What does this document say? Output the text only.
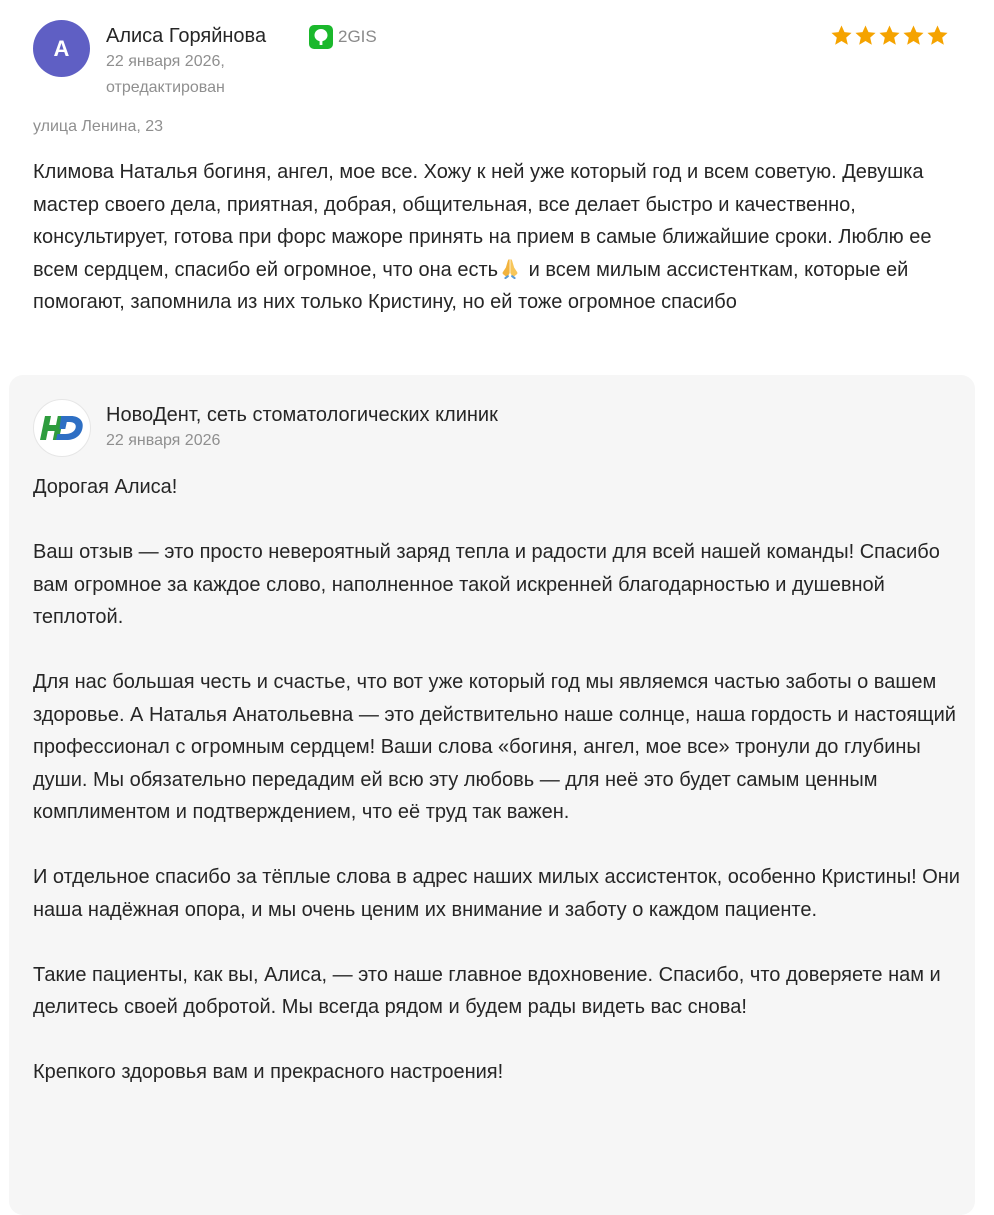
А Алиса Горяйнова	2GIS
22 января 2026,
отредактирован
улица Ленина, 23
Климова Наталья богиня, ангел, мое все. Хожу к ней уже который год и всем советую. Девушка мастер своего дела, приятная, добрая, общительная, все делает быстро и качественно, консультирует, готова при форс мажоре принять на прием в самые ближайшие сроки. Люблю ее всем сердцем, спасибо ей огромное, что она есть и всем милым ассистенткам, которые ей помогают, запомнила из них только Кристину, но ей тоже огромное спасибо
НовоДент, сеть стоматологических клиник
22 января 2026

Дорогая Алиса!

Ваш отзыв — это просто невероятный заряд тепла и радости для всей нашей команды! Спасибо вам огромное за каждое слово, наполненное такой искренней благодарностью и душевной теплотой.

Для нас большая честь и счастье, что вот уже который год мы являемся частью заботы о вашем здоровье. А Наталья Анатольевна — это действительно наше солнце, наша гордость и настоящий профессионал с огромным сердцем! Ваши слова «богиня, ангел, мое все» тронули до глубины души. Мы обязательно передадим ей всю эту любовь — для неё это будет самым ценным комплиментом и подтверждением, что её труд так важен.

И отдельное спасибо за тёплые слова в адрес наших милых ассистенток, особенно Кристины! Они наша надёжная опора, и мы очень ценим их внимание и заботу о каждом пациенте.

Такие пациенты, как вы, Алиса, — это наше главное вдохновение. Спасибо, что доверяете нам и делитесь своей добротой. Мы всегда рядом и будем рады видеть вас снова!

Крепкого здоровья вам и прекрасного настроения!
